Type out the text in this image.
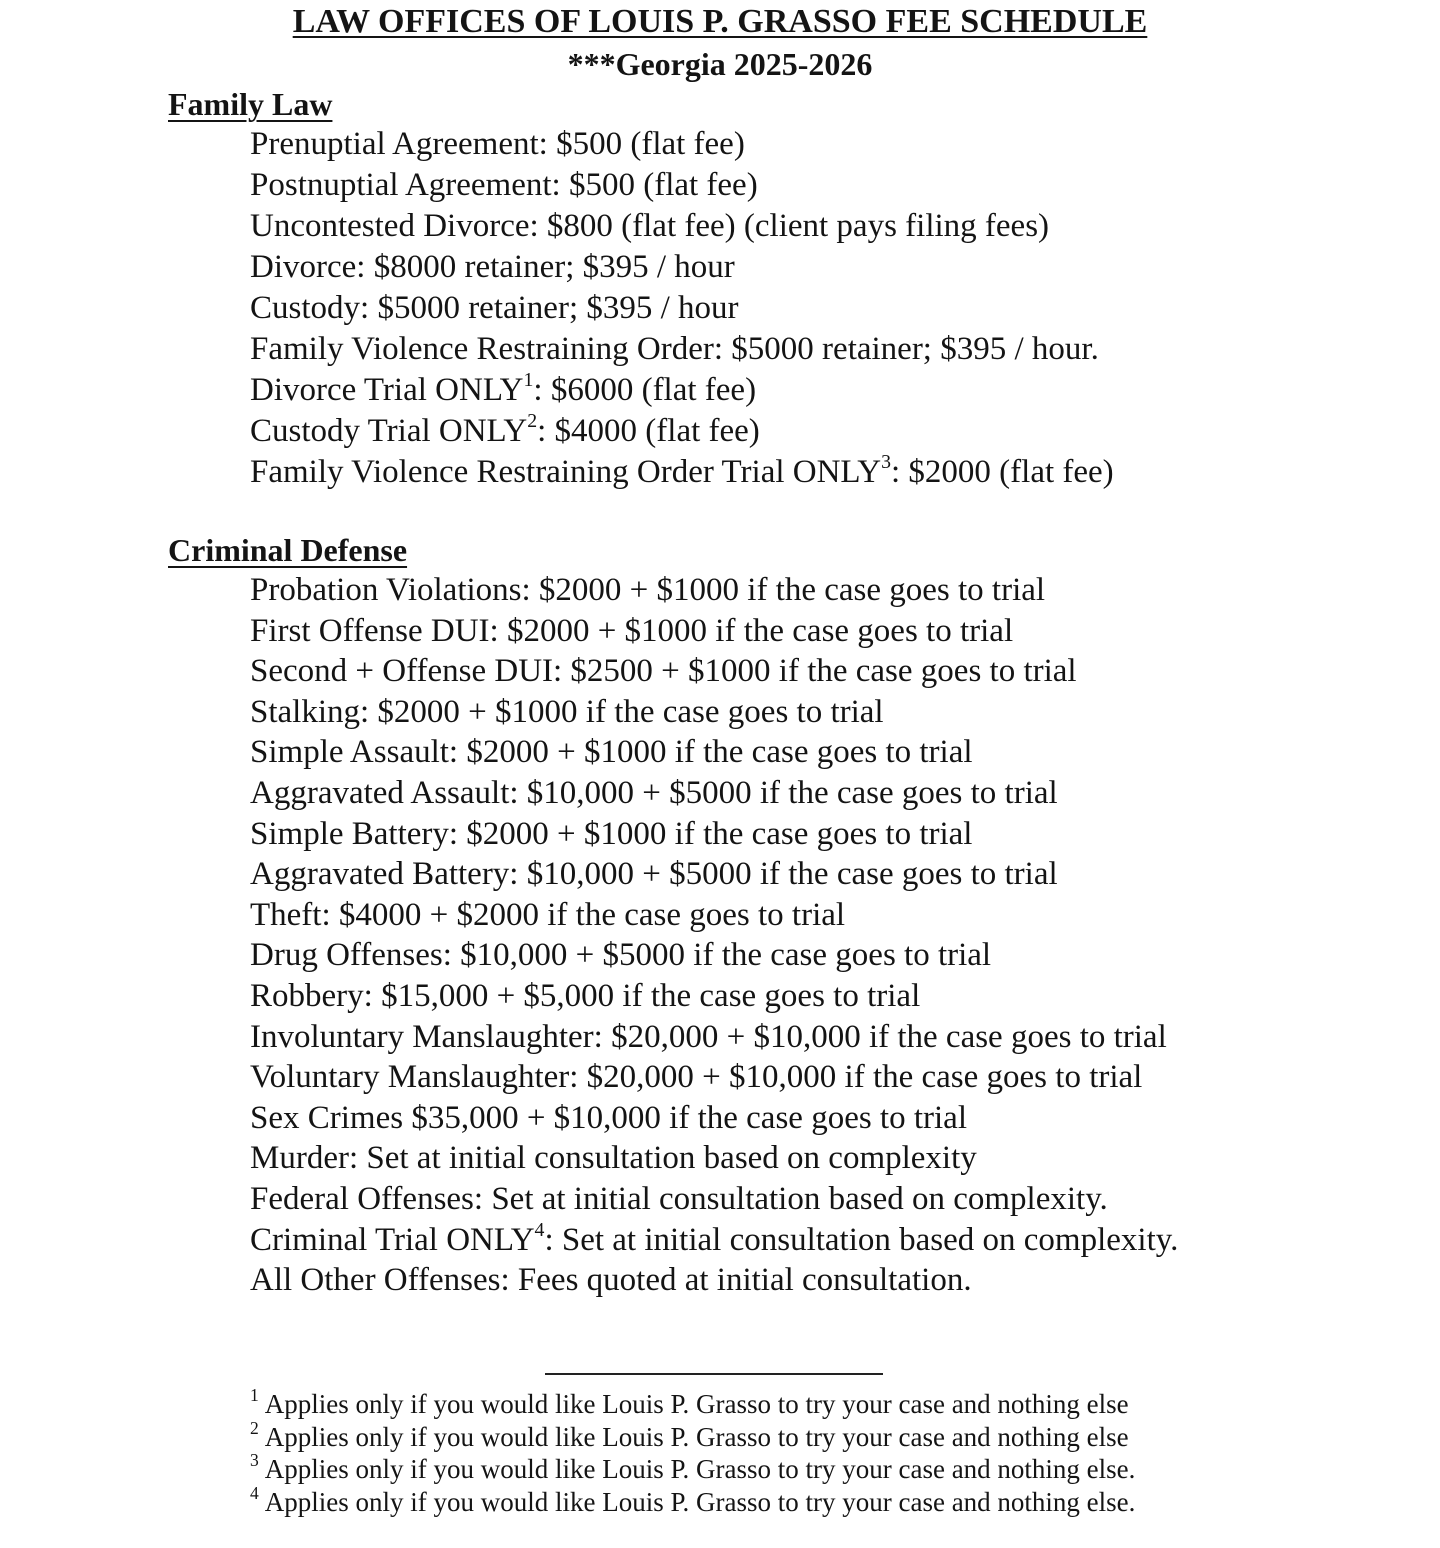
LAW OFFICES OF LOUIS P. GRASSO FEE SCHEDULE
***Georgia 2025-2026
Family Law
Prenuptial Agreement: $500 (flat fee)
Postnuptial Agreement: $500 (flat fee)
Uncontested Divorce: $800 (flat fee) (client pays filing fees)
Divorce: $8000 retainer; $395 / hour
Custody: $5000 retainer; $395 / hour
Family Violence Restraining Order: $5000 retainer; $395 / hour.
Divorce Trial ONLY$^1$: $6000 (flat fee)
Custody Trial ONLY$^2$: $4000 (flat fee)
Family Violence Restraining Order Trial ONLY$^3$: $2000 (flat fee)
Criminal Defense
Probation Violations: $2000 + $1000 if the case goes to trial
First Offense DUI: $2000 + $1000 if the case goes to trial
Second + Offense DUI: $2500 + $1000 if the case goes to trial
Stalking: $2000 + $1000 if the case goes to trial
Simple Assault: $2000 + $1000 if the case goes to trial
Aggravated Assault: $10,000 + $5000 if the case goes to trial
Simple Battery: $2000 + $1000 if the case goes to trial
Aggravated Battery: $10,000 + $5000 if the case goes to trial
Theft: $4000 + $2000 if the case goes to trial
Drug Offenses: $10,000 + $5000 if the case goes to trial
Robbery: $15,000 + $5,000 if the case goes to trial
Involuntary Manslaughter: $20,000 + $10,000 if the case goes to trial
Voluntary Manslaughter: $20,000 + $10,000 if the case goes to trial
Sex Crimes $35,000 + $10,000 if the case goes to trial
Murder: Set at initial consultation based on complexity
Federal Offenses: Set at initial consultation based on complexity.
Criminal Trial ONLY$^4$: Set at initial consultation based on complexity.
All Other Offenses: Fees quoted at initial consultation.
$^1$ Applies only if you would like Louis P. Grasso to try your case and nothing else
$^2$ Applies only if you would like Louis P. Grasso to try your case and nothing else
$^3$ Applies only if you would like Louis P. Grasso to try your case and nothing else.
$^4$ Applies only if you would like Louis P. Grasso to try your case and nothing else.
